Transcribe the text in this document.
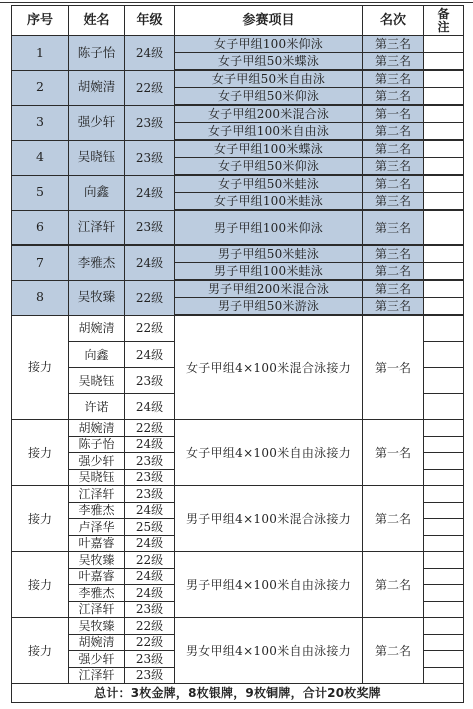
序号	姓名	年级	参赛项目	名次	备
注
1	陈子怡	24级	女子甲组100米仰泳	第三名	
			女子甲组50米蝶泳	第三名	
2	胡婉清	22级	女子甲组50米自由泳	第三名	
			女子甲组50米仰泳	第二名	
3	强少轩	23级	女子甲组200米混合泳	第一名	
			女子甲组100米自由泳	第二名	
4	吴晓钰	23级	女子甲组100米蝶泳	第二名	
			女子甲组50米仰泳	第三名	
5	向鑫	24级	女子甲组50米蛙泳	第二名	
			女子甲组100米蛙泳	第三名	
6	江泽轩	23级	男子甲组100米仰泳	第三名	
7	李雅杰	24级	男子甲组50米蛙泳	第三名	
			男子甲组100米蛙泳	第二名	
8	吴牧臻	22级	男子甲组200米混合泳	第三名	
			男子甲组50米游泳	第三名	
接力	胡婉清	22级	女子甲组4×100米混合泳接力	第一名	
	向鑫	24级			
	吴晓钰	23级			
	许诺	24级			
接力	胡婉清	22级	女子甲组4×100米自由泳接力	第一名	
	陈子怡	24级			
	强少轩	23级			
	吴晓钰	23级			
接力	江泽轩	23级	男子甲组4×100米混合泳接力	第二名	
	李雅杰	24级			
	卢泽华	25级			
	叶嘉睿	24级			
接力	吴牧臻	22级	男子甲组4×100米自由泳接力	第二名	
	叶嘉睿	24级			
	李雅杰	24级			
	江泽轩	23级			
接力	吴牧臻	22级	男女甲组4×100米自由泳接力	第二名	
	胡婉清	22级			
	强少轩	23级			
	江泽轩	23级			
总计：3枚金牌，8枚银牌，9枚铜牌，合计20枚奖牌					
